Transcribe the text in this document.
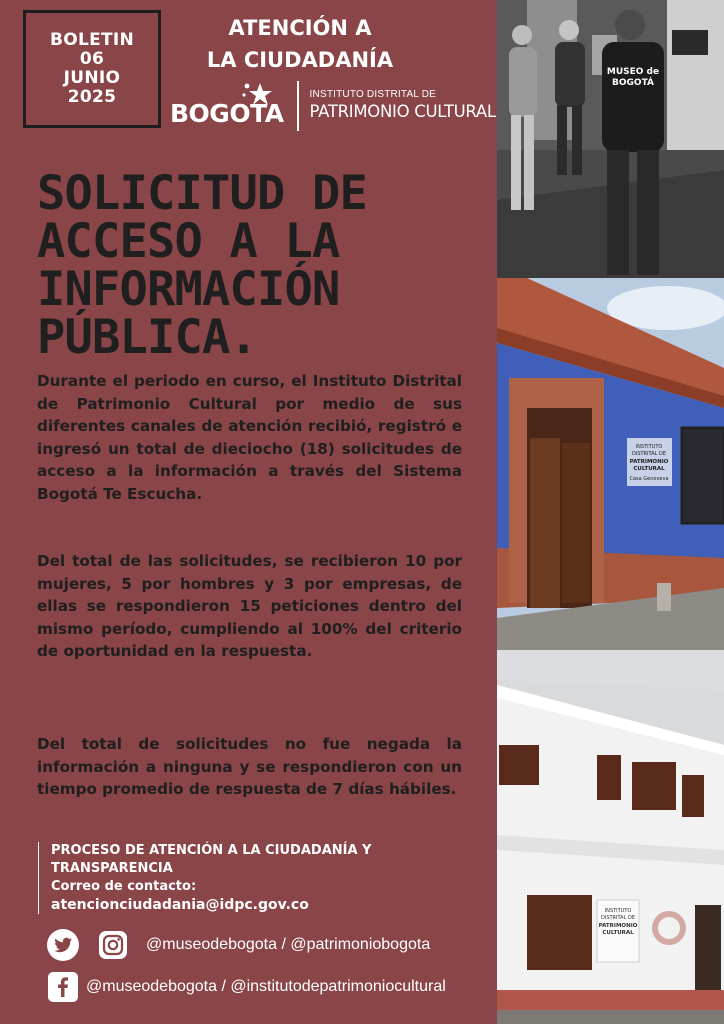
BOLETIN
06
JUNIO
2025
ATENCIÓN A
LA CIUDADANÍA
BOGOTA
INSTITUTO DISTRITAL DE
PATRIMONIO CULTURAL
SOLICITUD DE
ACCESO A LA
INFORMACIÓN
PÚBLICA.

Durante el periodo en curso, el Instituto Distrital de Patrimonio Cultural por medio de sus diferentes canales de atención recibió, registró e ingresó un total de dieciocho (18) solicitudes de acceso a la información a través del Sistema Bogotá Te Escucha.

Del total de las solicitudes, se recibieron 10 por mujeres, 5 por hombres y 3 por empresas, de ellas se respondieron 15 peticiones dentro del mismo período, cumpliendo al 100% del criterio de oportunidad en la respuesta.

Del total de solicitudes no fue negada la información a ninguna y se respondieron con un tiempo promedio de respuesta de 7 días hábiles.

PROCESO DE ATENCIÓN A LA CIUDADANÍA Y
TRANSPARENCIA
Correo de contacto:
atencionciudadania@idpc.gov.co
@museodebogota / @patrimoniobogota
@museodebogota / @institutodepatrimoniocultural
MUSEO de
BOGOTÁ
INSTITUTO
DISTRITAL DE
PATRIMONIO
CULTURAL
Casa Genoveva
INSTITUTO
DISTRITAL DE
PATRIMONIO
CULTURAL
